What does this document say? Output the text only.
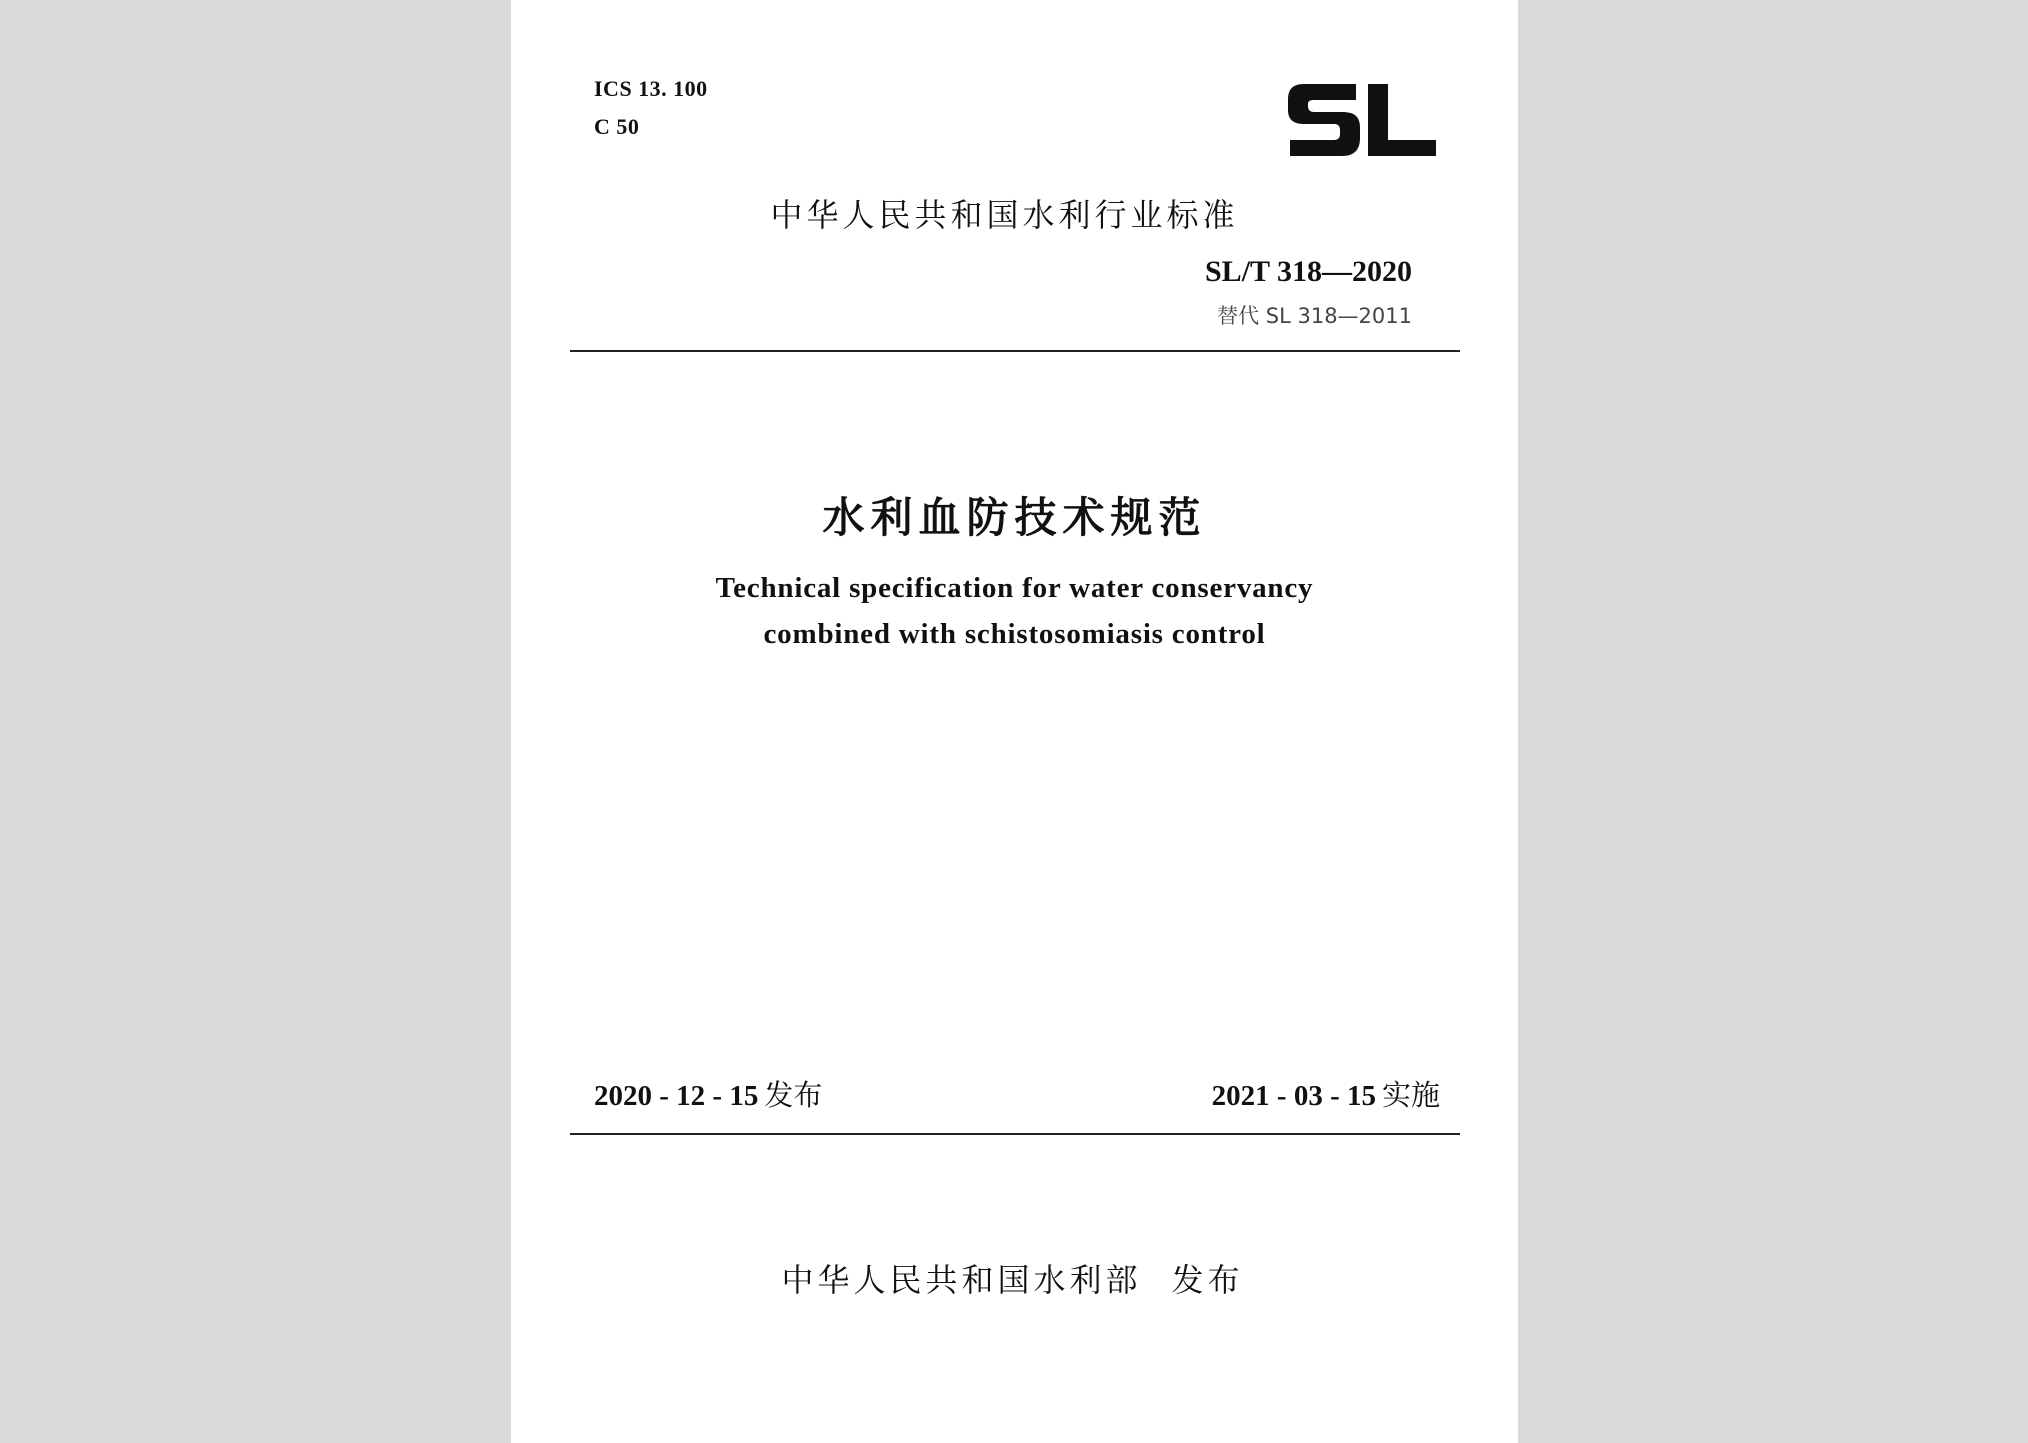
ICS 13. 100
C 50
中华人民共和国水利行业标准
SL/T 318—2020
替代 SL 318—2011
水利血防技术规范
Technical specification for water conservancy
combined with schistosomiasis control
2020 - 12 - 15 发布	2021 - 03 - 15 实施
中华人民共和国水利部 发布
